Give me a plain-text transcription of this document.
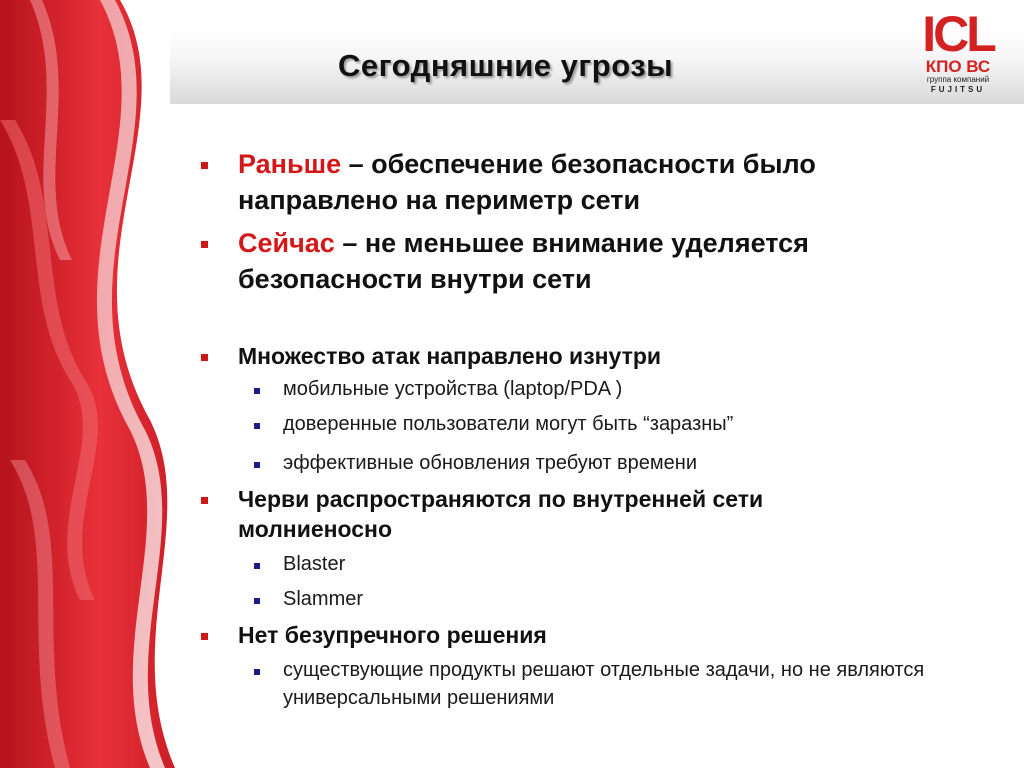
Сегодняшние угрозы
ICL
КПО ВС
группа компаний
FUJITSU
Раньше – обеспечение безопасности было направлено на периметр сети
Сейчас – не меньшее внимание уделяется безопасности внутри сети
Множество атак направлено изнутри
мобильные устройства (laptop/PDA )
доверенные пользователи могут быть “заразны”
эффективные обновления требуют времени
Черви распространяются по внутренней сети молниеносно
Blaster
Slammer
Нет безупречного решения
существующие продукты решают отдельные задачи, но не являются универсальными решениями
